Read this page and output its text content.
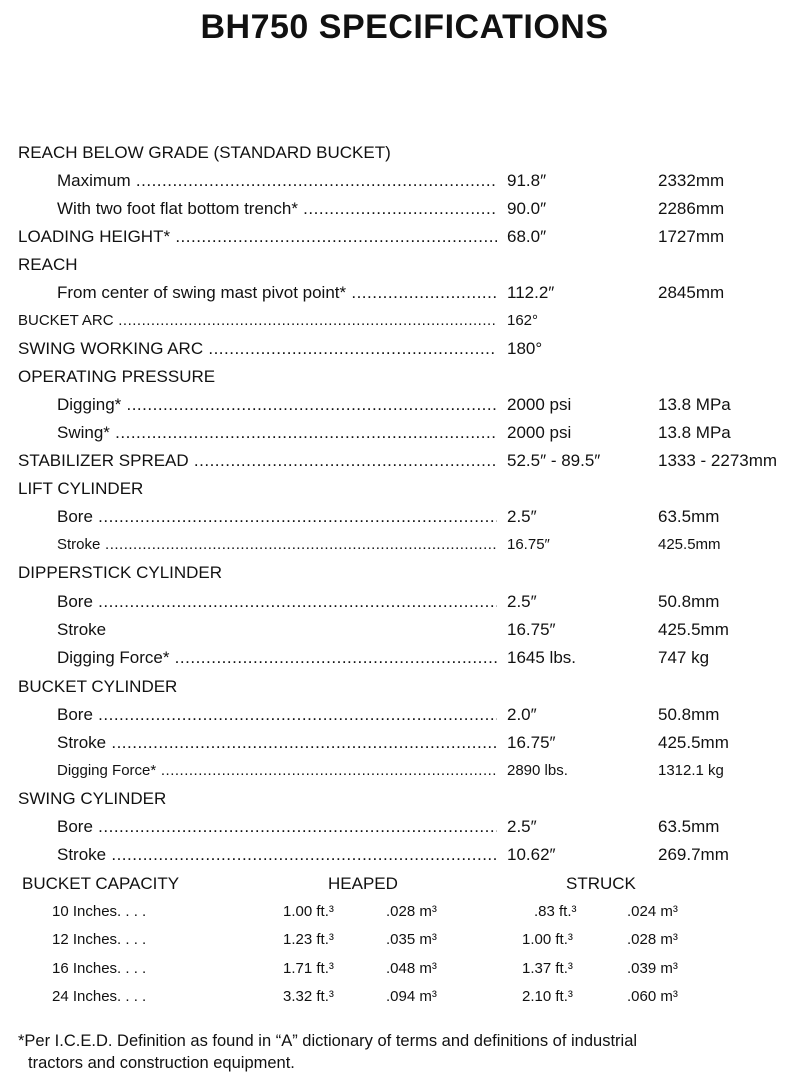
BH750 SPECIFICATIONS
REACH BELOW GRADE (STANDARD BUCKET)
Maximum .....	91.8″	2332mm
With two foot flat bottom trench* .....	90.0″	2286mm
LOADING HEIGHT* .....	68.0″	1727mm
REACH
From center of swing mast pivot point* .....	112.2″	2845mm
BUCKET ARC .....	162°
SWING WORKING ARC .....	180°
OPERATING PRESSURE
Digging* .....	2000 psi	13.8 MPa
Swing* .....	2000 psi	13.8 MPa
STABILIZER SPREAD .....	52.5″ - 89.5″	1333 - 2273mm
LIFT CYLINDER
Bore .....	2.5″	63.5mm
Stroke .....	16.75″	425.5mm
DIPPERSTICK CYLINDER
Bore .....	2.5″	50.8mm
Stroke	16.75″	425.5mm
Digging Force* .....	1645 lbs.	747 kg
BUCKET CYLINDER
Bore .....	2.0″	50.8mm
Stroke .....	16.75″	425.5mm
Digging Force* .....	2890 lbs.	1312.1 kg
SWING CYLINDER
Bore .....	2.5″	63.5mm
Stroke .....	10.62″	269.7mm
BUCKET CAPACITY	HEAPED	STRUCK
10 Inches. . . .	1.00 ft.³	.028 m³	.83 ft.³	.024 m³
12 Inches. . . .	1.23 ft.³	.035 m³	1.00 ft.³	.028 m³
16 Inches. . . .	1.71 ft.³	.048 m³	1.37 ft.³	.039 m³
24 Inches. . . .	3.32 ft.³	.094 m³	2.10 ft.³	.060 m³
*Per I.C.E.D. Definition as found in “A” dictionary of terms and definitions of industrial
tractors and construction equipment.
